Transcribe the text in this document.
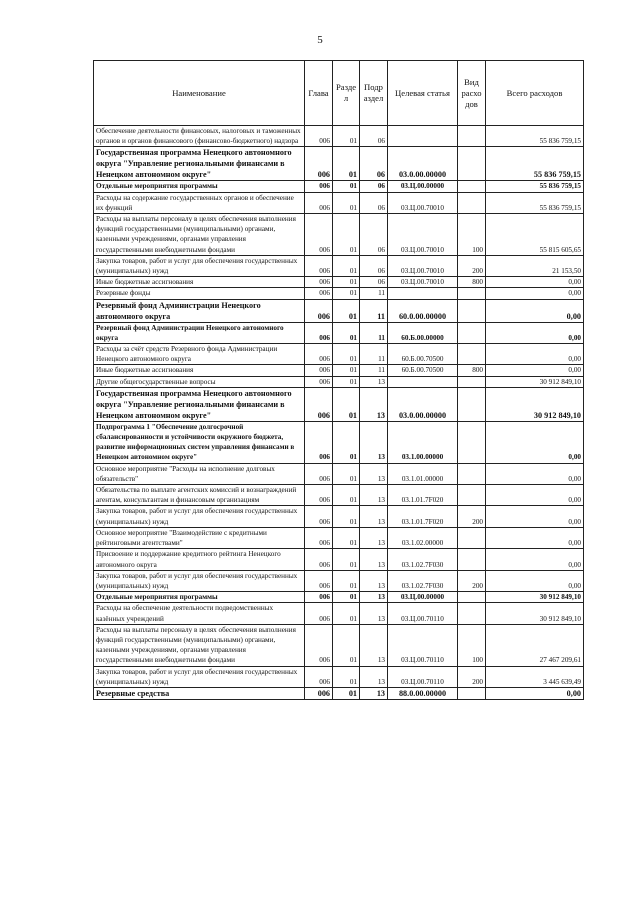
5
Наименование	Глава	Разде л	Подр аздел	Целевая статья	Вид расхо дов	Всего расходов
Обеспечение деятельности финансовых, налоговых и таможенных органов и органов финансового (финансово-бюджетного) надзора	006	01	06			55 836 759,15
Государственная программа Ненецкого автономного округа "Управление региональными финансами в Ненецком автономном округе"	006	01	06	03.0.00.00000		55 836 759,15
Отдельные мероприятия программы	006	01	06	03.Ц.00.00000		55 836 759,15
Расходы на содержание государственных органов и обеспечение их функций	006	01	06	03.Ц.00.70010		55 836 759,15
Расходы на выплаты персоналу в целях обеспечения выполнения функций государственными (муниципальными) органами, казенными учреждениями, органами управления государственными внебюджетными фондами	006	01	06	03.Ц.00.70010	100	55 815 605,65
Закупка товаров, работ и услуг для обеспечения государственных (муниципальных) нужд	006	01	06	03.Ц.00.70010	200	21 153,50
Иные бюджетные ассигнования	006	01	06	03.Ц.00.70010	800	0,00
Резервные фонды	006	01	11			0,00
Резервный фонд Администрации Ненецкого автономного округа	006	01	11	60.0.00.00000		0,00
Резервный фонд Администрации Ненецкого автономного округа	006	01	11	60.Б.00.00000		0,00
Расходы за счёт средств Резервного фонда Администрации Ненецкого автономного округа	006	01	11	60.Б.00.70500		0,00
Иные бюджетные ассигнования	006	01	11	60.Б.00.70500	800	0,00
Другие общегосударственные вопросы	006	01	13			30 912 849,10
Государственная программа Ненецкого автономного округа "Управление региональными финансами в Ненецком автономном округе"	006	01	13	03.0.00.00000		30 912 849,10
Подпрограмма 1 "Обеспечение долгосрочной сбалансированности и устойчивости окружного бюджета, развитие информационных систем управления финансами в Ненецком автономном округе"	006	01	13	03.1.00.00000		0,00
Основное мероприятие "Расходы на исполнение долговых обязательств"	006	01	13	03.1.01.00000		0,00
Обязательства по выплате агентских комиссий и вознаграждений агентам, консультантам и финансовым организациям	006	01	13	03.1.01.7F020		0,00
Закупка товаров, работ и услуг для обеспечения государственных (муниципальных) нужд	006	01	13	03.1.01.7F020	200	0,00
Основное мероприятие "Взаимодействие с кредитными рейтинговыми агентствами"	006	01	13	03.1.02.00000		0,00
Присвоение и поддержание кредитного рейтинга Ненецкого автономного округа	006	01	13	03.1.02.7F030		0,00
Закупка товаров, работ и услуг для обеспечения государственных (муниципальных) нужд	006	01	13	03.1.02.7F030	200	0,00
Отдельные мероприятия программы	006	01	13	03.Ц.00.00000		30 912 849,10
Расходы на обеспечение деятельности подведомственных казённых учреждений	006	01	13	03.Ц.00.70110		30 912 849,10
Расходы на выплаты персоналу в целях обеспечения выполнения функций государственными (муниципальными) органами, казенными учреждениями, органами управления государственными внебюджетными фондами	006	01	13	03.Ц.00.70110	100	27 467 209,61
Закупка товаров, работ и услуг для обеспечения государственных (муниципальных) нужд	006	01	13	03.Ц.00.70110	200	3 445 639,49
Резервные средства	006	01	13	88.0.00.00000		0,00
